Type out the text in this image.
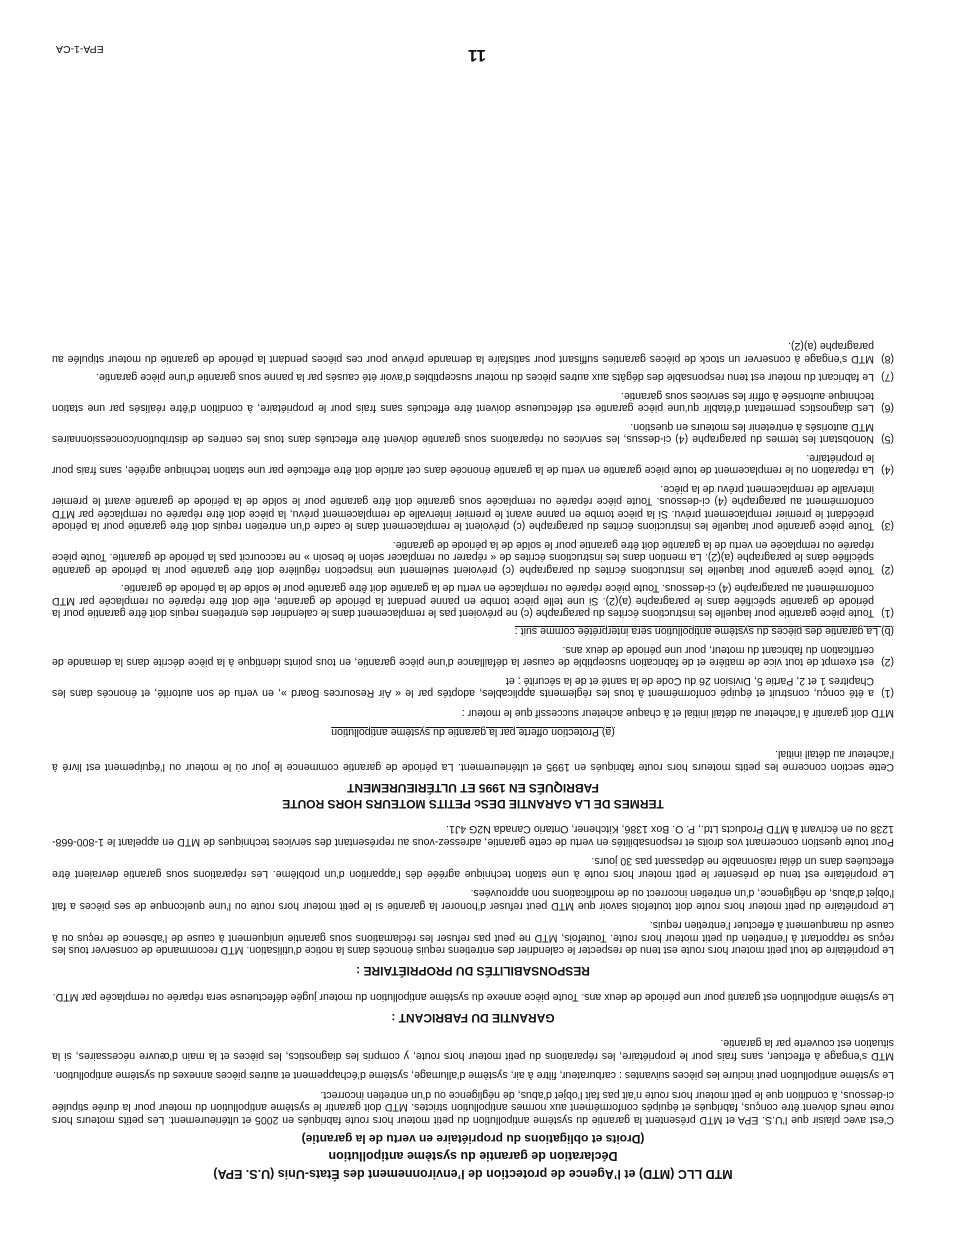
MTD LLC (MTD) et l’Agence de protection de l’environnement des États-Unis (U.S. EPA)
Déclaration de garantie du système antipollution
(Droits et obligations du propriétaire en vertu de la garantie)

C’est avec plaisir que l’U.S. EPA et MTD présentent la garantie du système antipollution du petit moteur hors route fabriqués en 2005 et ultérieurement. Les petits moteurs hors route neufs doivent être conçus, fabriqués et équipés conformément aux normes antipollution strictes. MTD doit garantir le système antipollution du moteur pour la durée stipulée ci-dessous, à condition que le petit moteur hors route n’ait pas fait l’objet d’abus, de négligence ou d’un entretien incorrect.

Le système antipollution peut inclure les pièces suivantes : carburateur, filtre à air, système d’allumage, système d’échappement et autres pièces annexes du système antipollution.

MTD s’engage à effectuer, sans frais pour le propriétaire, les réparations du petit moteur hors route, y compris les diagnostics, les pièces et la main d’œuvre nécessaires, si la situation est couverte par la garantie.

GARANTIE DU FABRICANT :

Le système antipollution est garanti pour une période de deux ans. Toute pièce annexe du système antipollution du moteur jugée défectueuse sera réparée ou remplacée par MTD.

RESPONSABILITÉS DU PROPRIÉTAIRE :

Le propriétaire de tout petit moteur hors route est tenu de respecter le calendrier des entretiens requis énoncés dans la notice d’utilisation. MTD recommande de conserver tous les reçus se rapportant à l’entretien du petit moteur hors route. Toutefois, MTD ne peut pas refuser les réclamations sous garantie uniquement à cause de l’absence de reçus ou à cause du manquement à effectuer l’entretien requis.

Le propriétaire du petit moteur hors route doit toutefois savoir que MTD peut refuser d’honorer la garantie si le petit moteur hors route ou l’une quelconque de ses pièces a fait l’objet d’abus, de négligence, d’un entretien incorrect ou de modifications non approuvées.

Le propriétaire est tenu de présenter le petit moteur hors route à une station technique agréée dès l’apparition d’un problème. Les réparations sous garantie devraient être effectuées dans un délai raisonnable ne dépassant pas 30 jours.

Pour toute question concernant vos droits et responsabilités en vertu de cette garantie, adressez-vous au représentant des services techniques de MTD en appelant le 1-800-668-1238 ou en écrivant à MTD Products Ltd., P. O. Box 1386, Kitchener, Ontario Canada N2G 4J1.

TERMES DE LA GARANTIE DESc PETITS MOTEURS HORS ROUTE
FABRIQUÉS EN 1995 ET ULTÉRIEUREMENT

Cette section concerne les petits moteurs hors route fabriqués en 1995 et ultérieurement. La période de garantie commence le jour où le moteur ou l’équipement est livré à l’acheteur au détail initial.

(a) Protection offerte par la garantie du système antipollution

MTD doit garantir à l’acheteur au détail initial et à chaque acheteur successif que le moteur :

(1)
a été conçu, construit et équipé conformément à tous les règlements applicables, adoptés par le « Air Resources Board », en vertu de son autorité, et énoncés dans les Chapitres 1 et 2, Partie 5, Division 26 du Code de la santé et de la sécurité ; et
(2)
est exempt de tout vice de matière et de fabrication susceptible de causer la défaillance d’une pièce garantie, en tous points identique à la pièce décrite dans la demande de certification du fabricant du moteur, pour une période de deux ans.
(b) La garantie des pièces du système antipollution sera interprétée comme suit :
(1)
Toute pièce garantie pour laquelle les instructions écrites du paragraphe (c) ne prévoient pas le remplacement dans le calendrier des entretiens requis doit être garantie pour la période de garantie spécifiée dans le paragraphe (a)(2). Si une telle pièce tombe en panne pendant la période de garantie, elle doit être réparée ou remplacée par MTD conformément au paragraphe (4) ci-dessous. Toute pièce réparée ou remplacée en vertu de la garantie doit être garantie pour le solde de la période de garantie.
(2)
Toute pièce garantie pour laquelle les instructions écrites du paragraphe (c) prévoient seulement une inspection régulière doit être garantie pour la période de garantie spécifiée dans le paragraphe (a)(2). La mention dans les instructions écrites de « réparer ou remplacer selon le besoin » ne raccourcit pas la période de garantie. Toute pièce réparée ou remplacée en vertu de la garantie doit être garantie pour le solde de la période de garantie.
(3)
Toute pièce garantie pour laquelle les instructions écrites du paragraphe (c) prévoient le remplacement dans le cadre d’un entretien requis doit être garantie pour la période précédant le premier remplacement prévu. Si la pièce tombe en panne avant le premier intervalle de remplacement prévu, la pièce doit être réparée ou remplacée par MTD conformément au paragraphe (4) ci-dessous. Toute pièce réparée ou remplacée sous garantie doit être garantie pour le solde de la période de garantie avant le premier intervalle de remplacement prévu de la pièce.
(4)
La réparation ou le remplacement de toute pièce garantie en vertu de la garantie énoncée dans cet article doit être effectuée par une station technique agréée, sans frais pour le propriétaire.
(5)
Nonobstant les termes du paragraphe (4) ci-dessus, les services ou réparations sous garantie doivent être effectués dans tous les centres de distribution/concessionnaires MTD autorisés à entretenir les moteurs en question.
(6)
Les diagnostics permettant d’établir qu’une pièce garantie est défectueuse doivent être effectués sans frais pour le propriétaire, à condition d’être réalisés par une station technique autorisée à offrir les services sous garantie.
(7)
Le fabricant du moteur est tenu responsable des dégâts aux autres pièces du moteur susceptibles d’avoir été causés par la panne sous garantie d’une pièce garantie.
(8)
MTD s’engage à conserver un stock de pièces garanties suffisant pour satisfaire la demande prévue pour ces pièces pendant la période de garantie du moteur stipulée au paragraphe (a)(2).
11
EPA-1-CA
